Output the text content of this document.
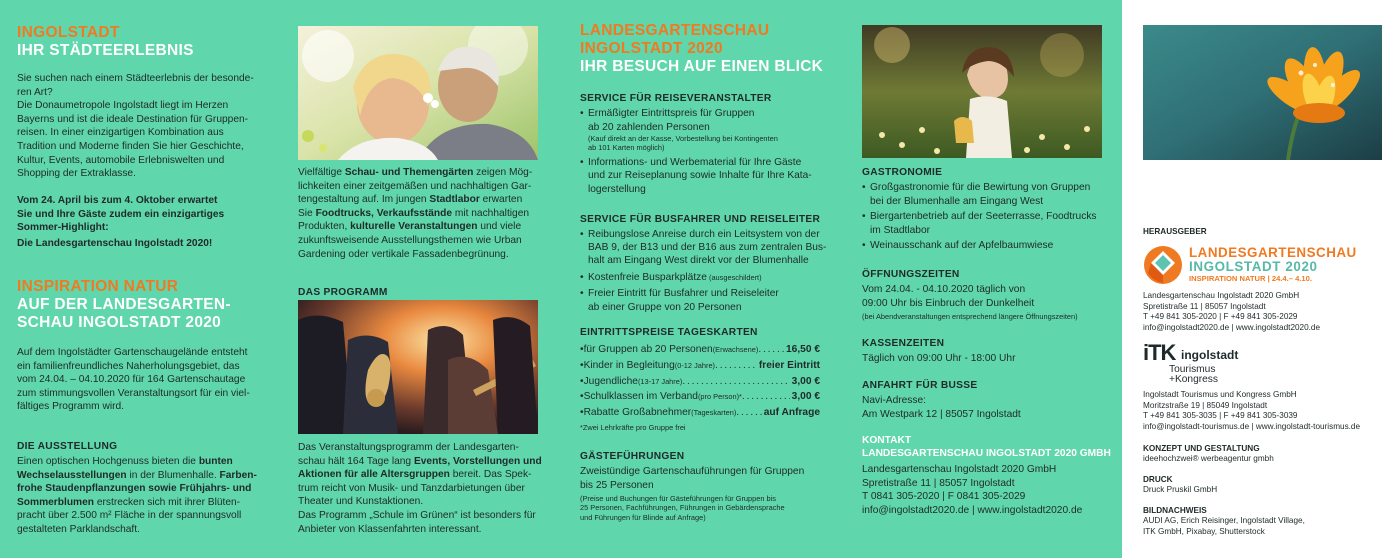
INGOLSTADT
IHR STÄDTEERLEBNIS
Sie suchen nach einem Städteerlebnis der besonde-
ren Art?
Die Donaumetropole Ingolstadt liegt im Herzen
Bayerns und ist die ideale Destination für Gruppen-
reisen. In einer einzigartigen Kombination aus
Tradition und Moderne finden Sie hier Geschichte,
Kultur, Events, automobile Erlebniswelten und
Shopping der Extraklasse.
Vom 24. April bis zum 4. Oktober erwartet
Sie und Ihre Gäste zudem ein einzigartiges
Sommer-Highlight:
Die Landesgartenschau Ingolstadt 2020!
INSPIRATION NATUR
AUF DER LANDESGARTEN-
SCHAU INGOLSTADT 2020
Auf dem Ingolstädter Gartenschaugelände entsteht
ein familienfreundliches Naherholungsgebiet, das
vom 24.04. – 04.10.2020 für 164 Gartenschautage
zum stimmungsvollen Veranstaltungsort für ein viel-
fältiges Programm wird.
DIE AUSSTELLUNG
Einen optischen Hochgenuss bieten die bunten
Wechselausstellungen in der Blumenhalle. Farben-
frohe Staudenpflanzungen sowie Frühjahrs- und
Sommerblumen erstrecken sich mit ihrer Blüten-
pracht über 2.500 m² Fläche in der spannungsvoll
gestalteten Parklandschaft.
Vielfältige Schau- und Themengärten zeigen Mög-
lichkeiten einer zeitgemäßen und nachhaltigen Gar-
tengestaltung auf. Im jungen Stadtlabor erwarten
Sie Foodtrucks, Verkaufsstände mit nachhaltigen
Produkten, kulturelle Veranstaltungen und viele
zukunftsweisende Ausstellungsthemen wie Urban
Gardening oder vertikale Fassadenbegrünung.
DAS PROGRAMM
Das Veranstaltungsprogramm der Landesgarten-
schau hält 164 Tage lang Events, Vorstellungen und
Aktionen für alle Altersgruppen bereit. Das Spek-
trum reicht von Musik- und Tanzdarbietungen über
Theater und Kunstaktionen.
Das Programm „Schule im Grünen“ ist besonders für
Anbieter von Klassenfahrten interessant.
LANDESGARTENSCHAU
INGOLSTADT 2020
IHR BESUCH AUF EINEN BLICK
SERVICE FÜR REISEVERANSTALTER
• Ermäßigter Eintrittspreis für Gruppen
ab 20 zahlenden Personen
(Kauf direkt an der Kasse, Vorbestellung bei Kontingenten
ab 101 Karten möglich)
• Informations- und Werbematerial für Ihre Gäste
und zur Reiseplanung sowie Inhalte für Ihre Kata-
logerstellung
SERVICE FÜR BUSFAHRER UND REISELEITER
• Reibungslose Anreise durch ein Leitsystem von der
BAB 9, der B13 und der B16 aus zum zentralen Bus-
halt am Eingang West direkt vor der Blumenhalle
• Kostenfreie Busparkplätze (ausgeschildert)
• Freier Eintritt für Busfahrer und Reiseleiter
ab einer Gruppe von 20 Personen
EINTRITTSPREISE TAGESKARTEN
• für Gruppen ab 20 Personen (Erwachsene) . . .	16,50 €
• Kinder in Begleitung (0-12 Jahre) . . .	freier Eintritt
• Jugendliche (13-17 Jahre) . . .	3,00 €
• Schulklassen im Verband (pro Person)* . . .	3,00 €
• Rabatte Großabnehmer (Tageskarten) . . .	auf Anfrage
*Zwei Lehrkräfte pro Gruppe frei
GÄSTEFÜHRUNGEN
Zweistündige Gartenschauführungen für Gruppen
bis 25 Personen
(Preise und Buchungen für Gästeführungen für Gruppen bis
25 Personen, Fachführungen, Führungen in Gebärdensprache
und Führungen für Blinde auf Anfrage)
GASTRONOMIE
• Großgastronomie für die Bewirtung von Gruppen
bei der Blumenhalle am Eingang West
• Biergartenbetrieb auf der Seeterrasse, Foodtrucks
im Stadtlabor
• Weinausschank auf der Apfelbaumwiese
ÖFFNUNGSZEITEN
Vom 24.04. - 04.10.2020 täglich von
09:00 Uhr bis Einbruch der Dunkelheit
(bei Abendveranstaltungen entsprechend längere Öffnungszeiten)
KASSENZEITEN
Täglich von 09:00 Uhr - 18:00 Uhr
ANFAHRT FÜR BUSSE
Navi-Adresse:
Am Westpark 12 | 85057 Ingolstadt
KONTAKT
LANDESGARTENSCHAU INGOLSTADT 2020 GMBH
Landesgartenschau Ingolstadt 2020 GmbH
Spretistraße 11 | 85057 Ingolstadt
T 0841 305-2020 | F 0841 305-2029
info@ingolstadt2020.de | www.ingolstadt2020.de
HERAUSGEBER
LANDESGARTENSCHAU
INGOLSTADT 2020
INSPIRATION NATUR | 24.4.– 4.10.
Landesgartenschau Ingolstadt 2020 GmbH
Spretistraße 11 | 85057 Ingolstadt
T +49 841 305-2020 | F +49 841 305-2029
info@ingolstadt2020.de | www.ingolstadt2020.de
iTK ingolstadt
Tourismus
+Kongress
Ingolstadt Tourismus und Kongress GmbH
Moritzstraße 19 | 85049 Ingolstadt
T +49 841 305-3035 | F +49 841 305-3039
info@ingolstadt-tourismus.de | www.ingolstadt-tourismus.de
KONZEPT UND GESTALTUNG
ideehochzwei® werbeagentur gmbh
DRUCK
Druck Pruskil GmbH
BILDNACHWEIS
AUDI AG, Erich Reisinger, Ingolstadt Village,
ITK GmbH, Pixabay, Shutterstock
